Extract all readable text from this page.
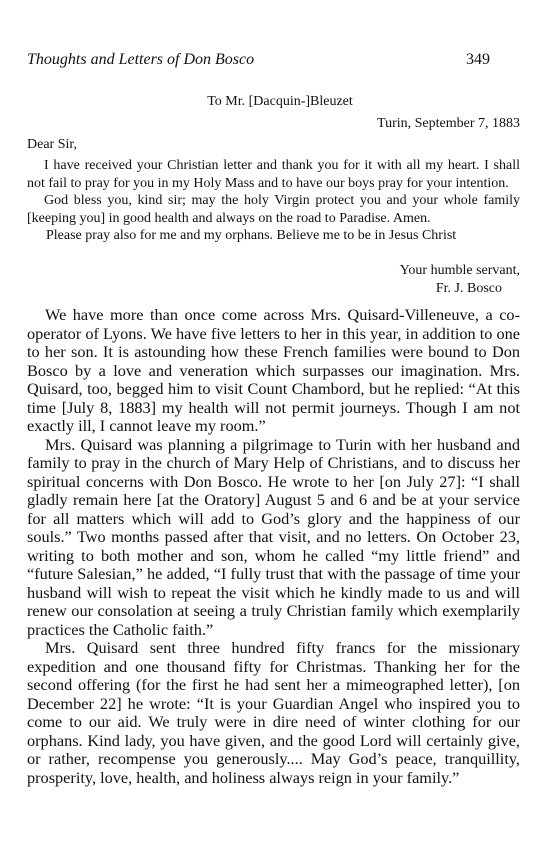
Thoughts and Letters of Don Bosco	349
To Mr. [Dacquin-]Bleuzet
Turin, September 7, 1883
Dear Sir,

I have received your Christian letter and thank you for it with all my heart. I shall not fail to pray for you in my Holy Mass and to have our boys pray for your intention.

God bless you, kind sir; may the holy Virgin protect you and your whole family [keeping you] in good health and always on the road to Paradise. Amen.

Please pray also for me and my orphans. Believe me to be in Jesus Christ

Your humble servant,
Fr. J. Bosco

We have more than once come across Mrs. Quisard-Villeneuve, a co-operator of Lyons. We have five letters to her in this year, in addition to one to her son. It is astounding how these French families were bound to Don Bosco by a love and veneration which surpasses our imagination. Mrs. Quisard, too, begged him to visit Count Chambord, but he replied: “At this time [July 8, 1883] my health will not permit journeys. Though I am not exactly ill, I cannot leave my room.”

Mrs. Quisard was planning a pilgrimage to Turin with her husband and family to pray in the church of Mary Help of Christians, and to discuss her spiritual concerns with Don Bosco. He wrote to her [on July 27]: “I shall gladly remain here [at the Oratory] August 5 and 6 and be at your service for all matters which will add to God’s glory and the happiness of our souls.” Two months passed after that visit, and no letters. On October 23, writing to both mother and son, whom he called “my little friend” and “future Salesian,” he added, “I fully trust that with the passage of time your husband will wish to repeat the visit which he kindly made to us and will renew our consolation at seeing a truly Christian family which exemplarily practices the Catholic faith.”

Mrs. Quisard sent three hundred fifty francs for the missionary expedition and one thousand fifty for Christmas. Thanking her for the second offering (for the first he had sent her a mimeographed letter), [on December 22] he wrote: “It is your Guardian Angel who inspired you to come to our aid. We truly were in dire need of winter clothing for our orphans. Kind lady, you have given, and the good Lord will certainly give, or rather, recompense you generously.... May God’s peace, tranquillity, prosperity, love, health, and holiness always reign in your family.”
